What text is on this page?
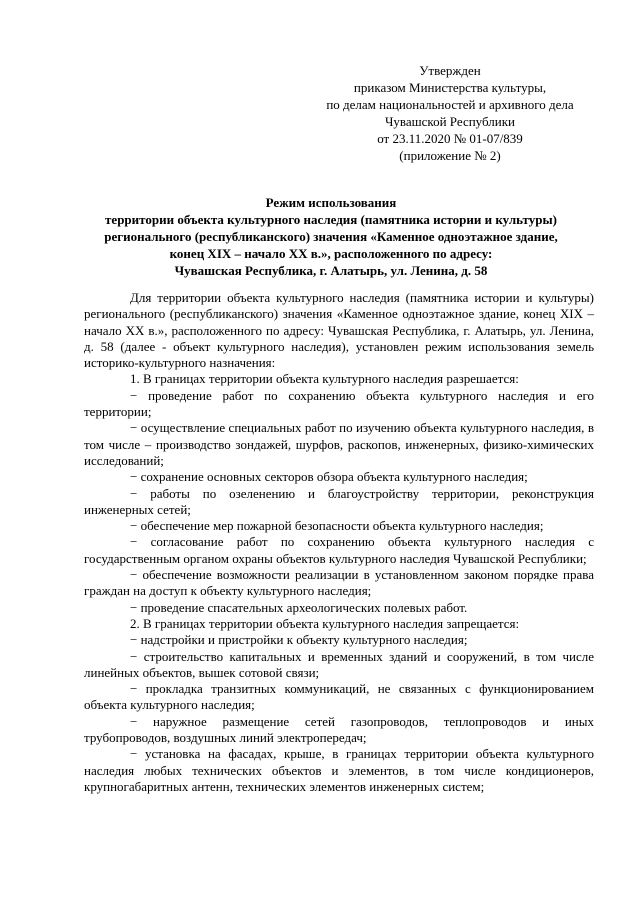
Утвержден
приказом Министерства культуры,
по делам национальностей и архивного дела
Чувашской Республики
от 23.11.2020 № 01-07/839
(приложение № 2)
Режим использования
территории объекта культурного наследия (памятника истории и культуры)
регионального (республиканского) значения «Каменное одноэтажное здание,
конец XIX – начало XX в.», расположенного по адресу:
Чувашская Республика, г. Алатырь, ул. Ленина, д. 58

Для территории объекта культурного наследия (памятника истории и культуры) регионального (республиканского) значения «Каменное одноэтажное здание, конец XIX – начало XX в.», расположенного по адресу: Чувашская Республика, г. Алатырь, ул. Ленина, д. 58 (далее - объект культурного наследия), установлен режим использования земель историко-культурного назначения:

1. В границах территории объекта культурного наследия разрешается:

− проведение работ по сохранению объекта культурного наследия и его территории;

− осуществление специальных работ по изучению объекта культурного наследия, в том числе – производство зондажей, шурфов, раскопов, инженерных, физико-химических исследований;

− сохранение основных секторов обзора объекта культурного наследия;

− работы по озеленению и благоустройству территории, реконструкция инженерных сетей;

− обеспечение мер пожарной безопасности объекта культурного наследия;

− согласование работ по сохранению объекта культурного наследия с государственным органом охраны объектов культурного наследия Чувашской Республики;

− обеспечение возможности реализации в установленном законом порядке права граждан на доступ к объекту культурного наследия;

− проведение спасательных археологических полевых работ.

2. В границах территории объекта культурного наследия запрещается:

− надстройки и пристройки к объекту культурного наследия;

− строительство капитальных и временных зданий и сооружений, в том числе линейных объектов, вышек сотовой связи;

− прокладка транзитных коммуникаций, не связанных с функционированием объекта культурного наследия;

− наружное размещение сетей газопроводов, теплопроводов и иных трубопроводов, воздушных линий электропередач;

− установка на фасадах, крыше, в границах территории объекта культурного наследия любых технических объектов и элементов, в том числе кондиционеров, крупногабаритных антенн, технических элементов инженерных систем;
